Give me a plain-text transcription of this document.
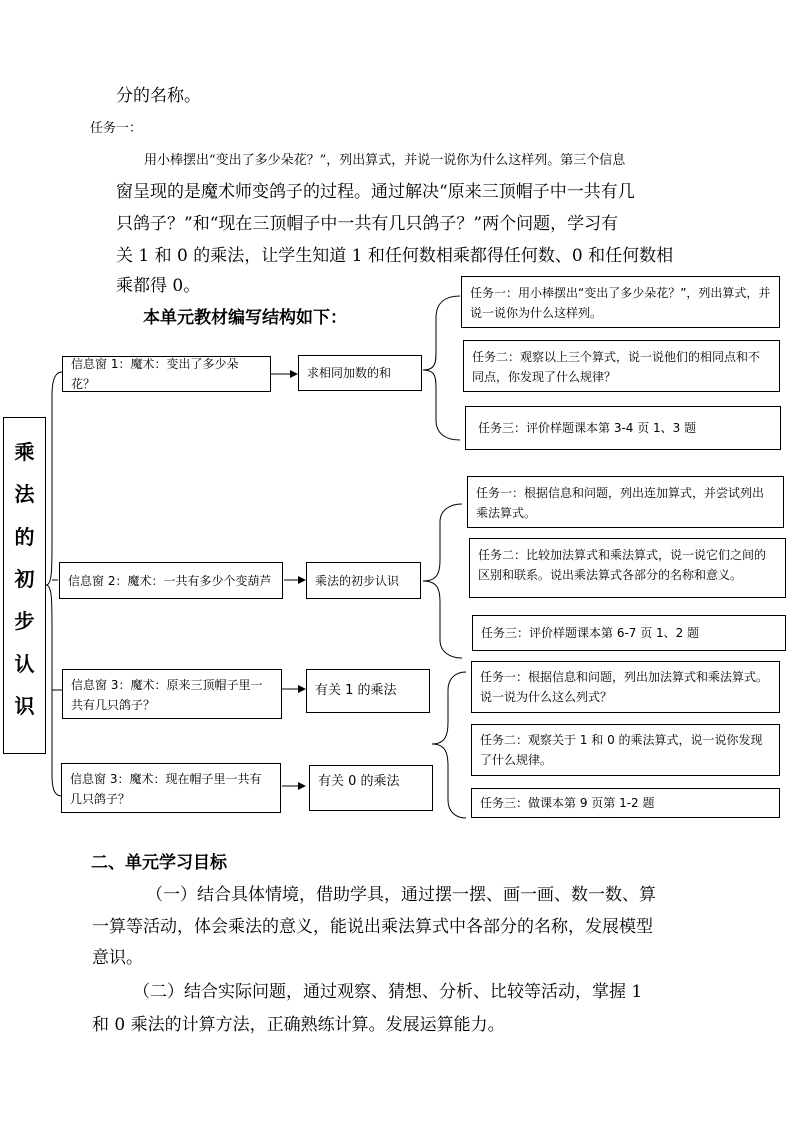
分的名称。
任务一：
用小棒摆出“变出了多少朵花？”，列出算式，并说一说你为什么这样列。第三个信息
窗呈现的是魔术师变鸽子的过程。通过解决“原来三顶帽子中一共有几
只鸽子？”和“现在三顶帽子中一共有几只鸽子？”两个问题，学习有
关 1 和 0 的乘法，让学生知道 1 和任何数相乘都得任何数、0 和任何数相
乘都得 0。
本单元教材编写结构如下：
乘
法
的
初
步
认
识
信息窗 1：魔术：变出了多少朵花？
求相同加数的和
任务一：用小棒摆出“变出了多少朵花？”，列出算式，并说一说你为什么这样列。
任务二：观察以上三个算式，说一说他们的相同点和不同点，你发现了什么规律？
任务三：评价样题课本第 3-4 页 1、3 题
信息窗 2：魔术：一共有多少个变葫芦	乘法的初步认识
任务一：根据信息和问题，列出连加算式，并尝试列出乘法算式。
任务二：比较加法算式和乘法算式，说一说它们之间的区别和联系。说出乘法算式各部分的名称和意义。
任务三：评价样题课本第 6-7 页 1、2 题
信息窗 3：魔术：原来三顶帽子里一共有几只鸽子？
有关 1 的乘法
任务一：根据信息和问题，列出加法算式和乘法算式。说一说为什么这么列式？
任务二：观察关于 1 和 0 的乘法算式，说一说你发现了什么规律。
任务三：做课本第 9 页第 1-2 题
信息窗 3：魔术：现在帽子里一共有几只鸽子？
有关 0 的乘法
二、单元学习目标
（一）结合具体情境，借助学具，通过摆一摆、画一画、数一数、算
一算等活动，体会乘法的意义，能说出乘法算式中各部分的名称，发展模型
意识。
（二）结合实际问题，通过观察、猜想、分析、比较等活动，掌握 1
和 0 乘法的计算方法，正确熟练计算。发展运算能力。
